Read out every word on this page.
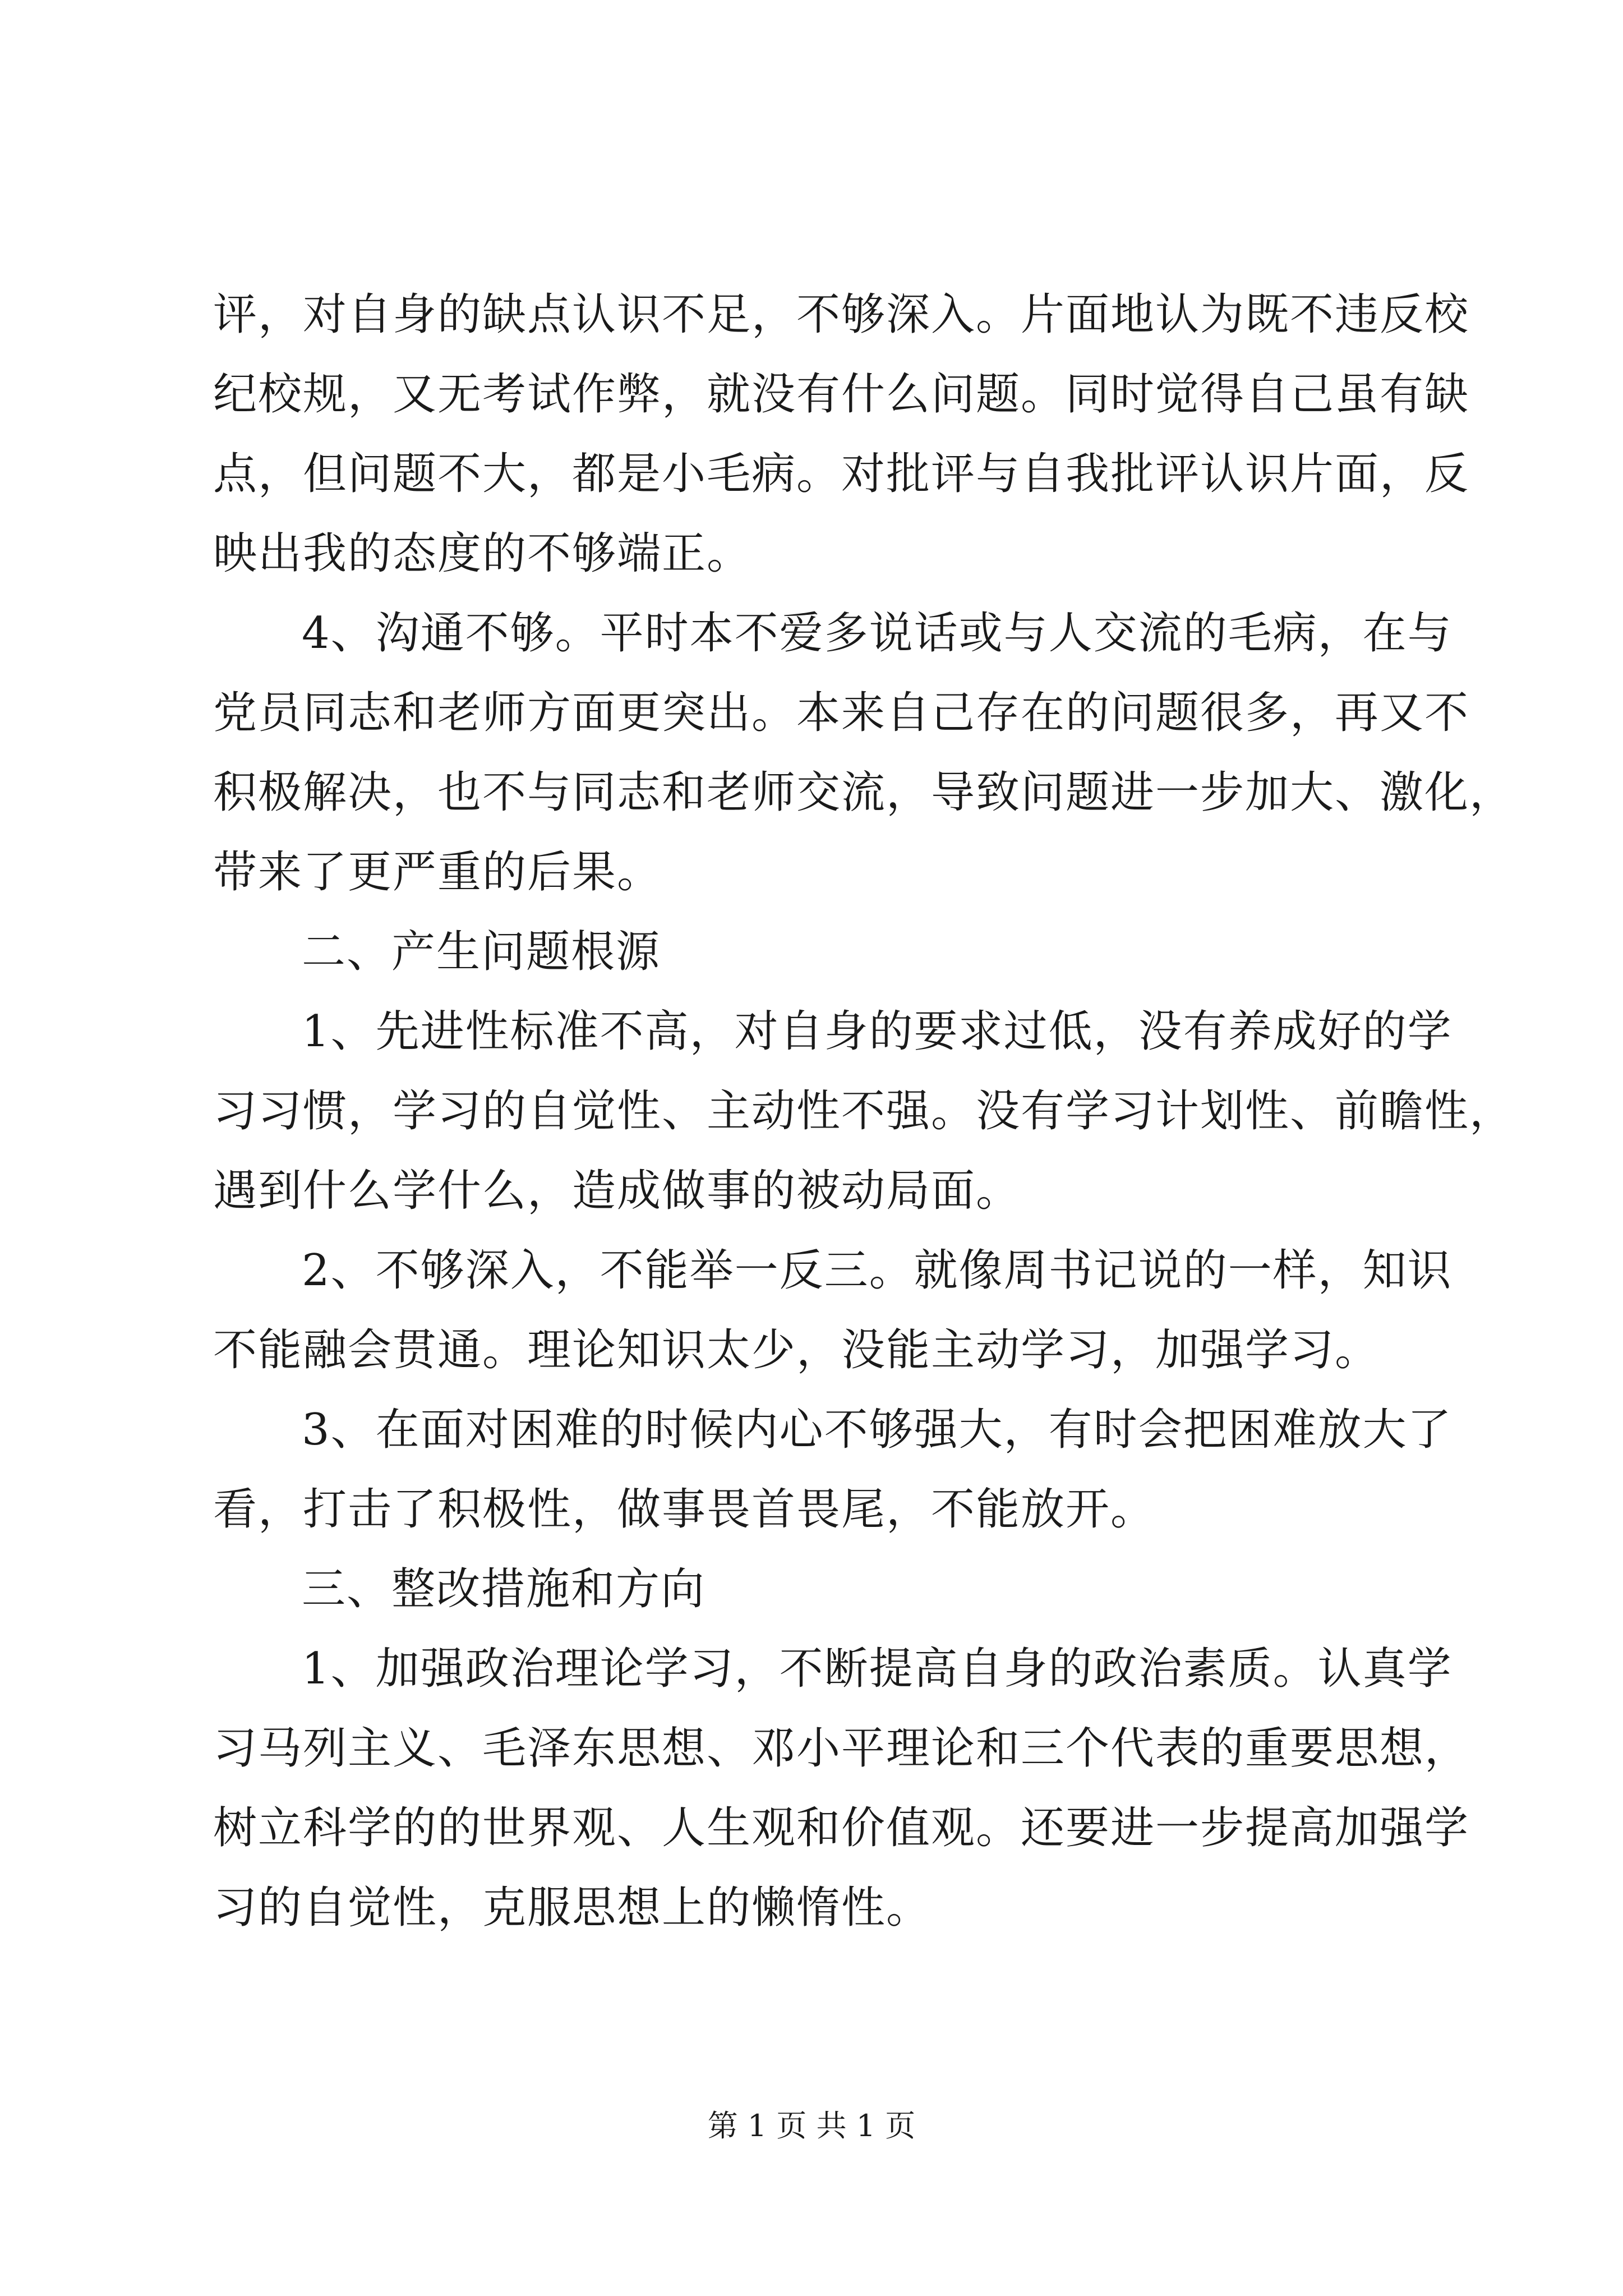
评，对自身的缺点认识不足，不够深入。片面地认为既不违反校
纪校规，又无考试作弊，就没有什么问题。同时觉得自己虽有缺
点，但问题不大，都是小毛病。对批评与自我批评认识片面，反
映出我的态度的不够端正。
4、沟通不够。平时本不爱多说话或与人交流的毛病，在与
党员同志和老师方面更突出。本来自己存在的问题很多，再又不
积极解决，也不与同志和老师交流，导致问题进一步加大、激化，
带来了更严重的后果。
二、产生问题根源
1、先进性标准不高，对自身的要求过低，没有养成好的学
习习惯，学习的自觉性、主动性不强。没有学习计划性、前瞻性，
遇到什么学什么，造成做事的被动局面。
2、不够深入，不能举一反三。就像周书记说的一样，知识
不能融会贯通。理论知识太少，没能主动学习，加强学习。
3、在面对困难的时候内心不够强大，有时会把困难放大了
看，打击了积极性，做事畏首畏尾，不能放开。
三、整改措施和方向
1、加强政治理论学习，不断提高自身的政治素质。认真学
习马列主义、毛泽东思想、邓小平理论和三个代表的重要思想，
树立科学的的世界观、人生观和价值观。还要进一步提高加强学
习的自觉性，克服思想上的懒惰性。
第 1 页 共 1 页
